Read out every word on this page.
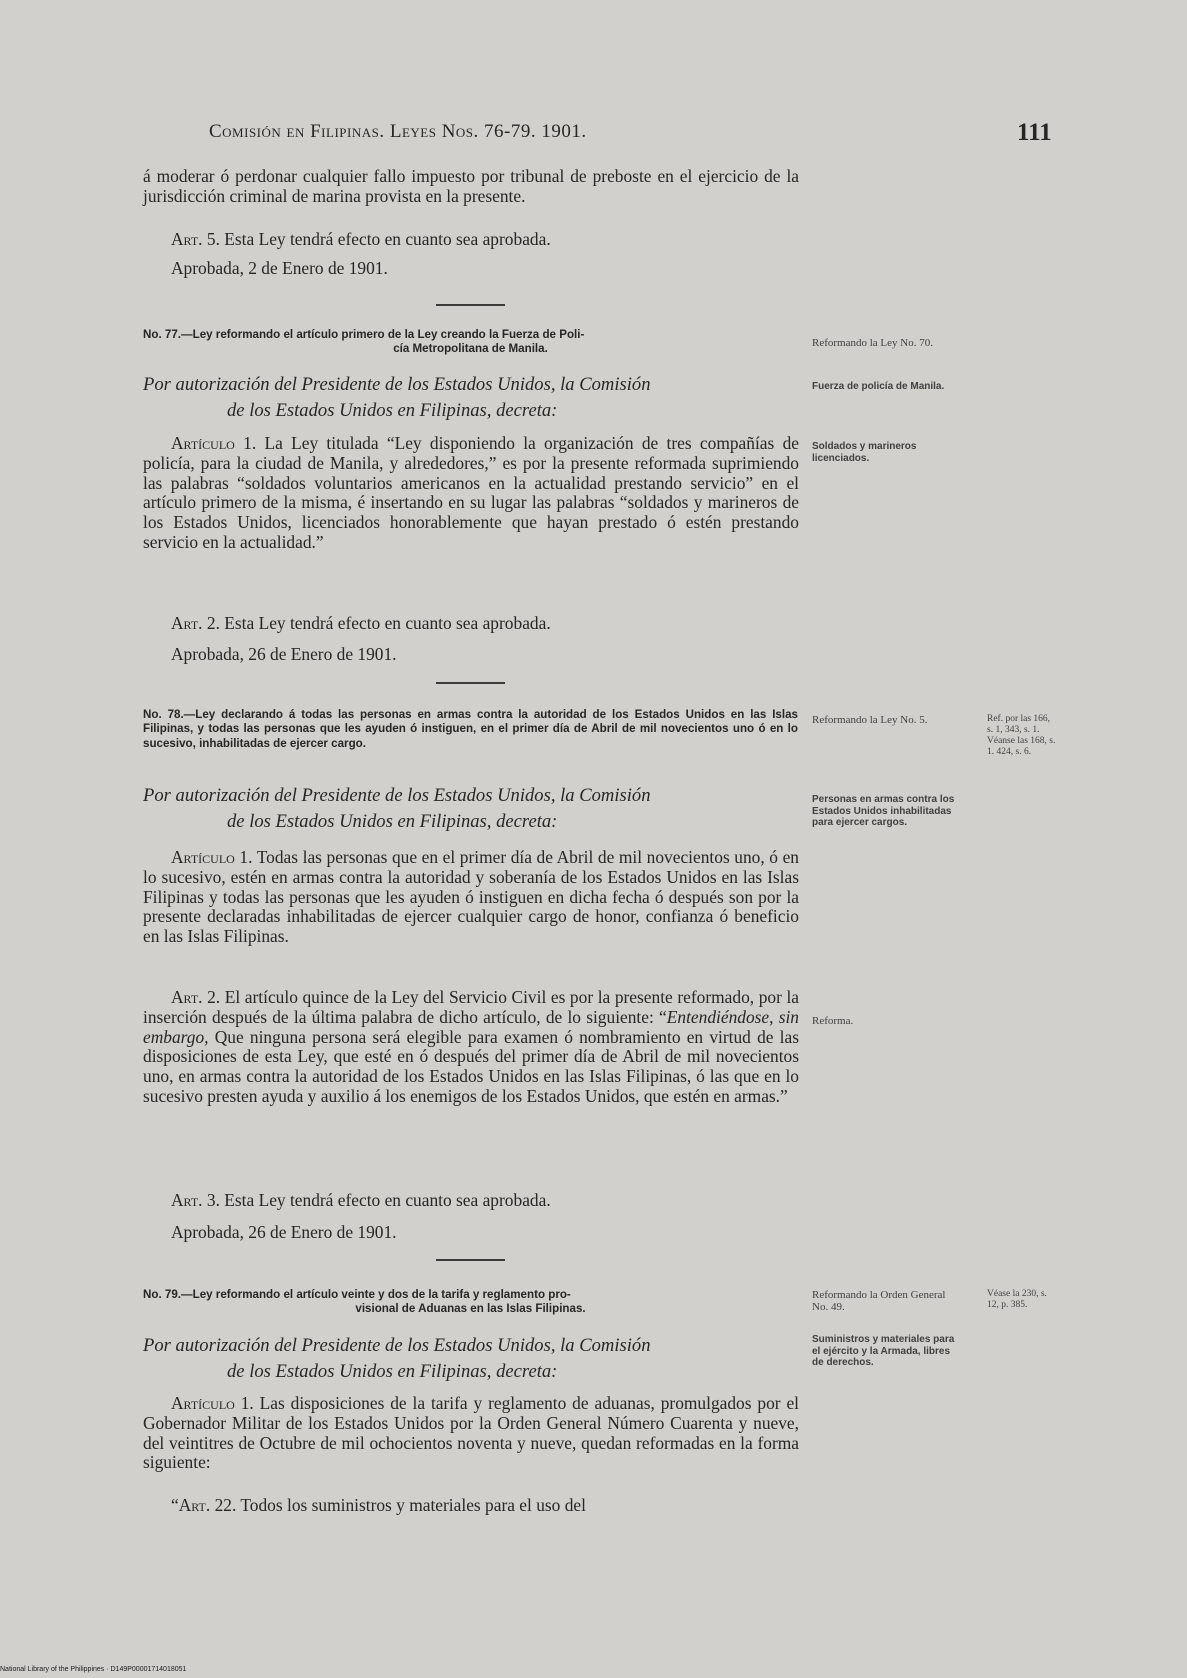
Comisión en Filipinas. Leyes Nos. 76-79. 1901.	111

á moderar ó perdonar cualquier fallo impuesto por tribunal de preboste en el ejercicio de la jurisdicción criminal de marina provista en la presente.

Art. 5. Esta Ley tendrá efecto en cuanto sea aprobada.

Aprobada, 2 de Enero de 1901.

No. 77.—Ley reformando el artículo primero de la Ley creando la Fuerza de Poli-
cía Metropolitana de Manila.

Por autorización del Presidente de los Estados Unidos, la Comisión
de los Estados Unidos en Filipinas, decreta:

Artículo 1. La Ley titulada “Ley disponiendo la organización de tres compañías de policía, para la ciudad de Manila, y alrededores,” es por la presente reformada suprimiendo las palabras “soldados voluntarios americanos en la actualidad prestando servicio” en el artículo primero de la misma, é insertando en su lugar las palabras “soldados y marineros de los Estados Unidos, licenciados honorablemente que hayan prestado ó estén prestando servicio en la actualidad.”

Art. 2. Esta Ley tendrá efecto en cuanto sea aprobada.

Aprobada, 26 de Enero de 1901.
Reformando la Ley No. 70.
Fuerza de policía de Manila.
Soldados y marineros licenciados.

No. 78.—Ley declarando á todas las personas en armas contra la autoridad de los Estados Unidos en las Islas Filipinas, y todas las personas que les ayuden ó instiguen, en el primer día de Abril de mil novecientos uno ó en lo sucesivo, inhabilitadas de ejercer cargo.

Por autorización del Presidente de los Estados Unidos, la Comisión
de los Estados Unidos en Filipinas, decreta:

Artículo 1. Todas las personas que en el primer día de Abril de mil novecientos uno, ó en lo sucesivo, estén en armas contra la autoridad y soberanía de los Estados Unidos en las Islas Filipinas y todas las personas que les ayuden ó instiguen en dicha fecha ó después son por la presente declaradas inhabilitadas de ejercer cualquier cargo de honor, confianza ó beneficio en las Islas Filipinas.

Art. 2. El artículo quince de la Ley del Servicio Civil es por la presente reformado, por la inserción después de la última palabra de dicho artículo, de lo siguiente: “Entendiéndose, sin embargo, Que ninguna persona será elegible para examen ó nombramiento en virtud de las disposiciones de esta Ley, que esté en ó después del primer día de Abril de mil novecientos uno, en armas contra la autoridad de los Estados Unidos en las Islas Filipinas, ó las que en lo sucesivo presten ayuda y auxilio á los enemigos de los Estados Unidos, que estén en armas.”

Art. 3. Esta Ley tendrá efecto en cuanto sea aprobada.

Aprobada, 26 de Enero de 1901.
Reformando la Ley No. 5.
Personas en armas contra los Estados Unidos inhabilitadas para ejercer cargos.
Reforma.
Ref. por las 166, s. 1, 343, s. 1. Véanse las 168, s. 1. 424, s. 6.

No. 79.—Ley reformando el artículo veinte y dos de la tarifa y reglamento pro-
visional de Aduanas en las Islas Filipinas.

Por autorización del Presidente de los Estados Unidos, la Comisión
de los Estados Unidos en Filipinas, decreta:

Artículo 1. Las disposiciones de la tarifa y reglamento de aduanas, promulgados por el Gobernador Militar de los Estados Unidos por la Orden General Número Cuarenta y nueve, del veintitres de Octubre de mil ochocientos noventa y nueve, quedan reformadas en la forma siguiente:

“Art. 22. Todos los suministros y materiales para el uso del

Reformando la Orden General No. 49.
Suministros y materiales para el ejército y la Armada, libres de derechos.
Véase la 230, s. 12, p. 385.
National Library of the Philippines · D149P00001714018051
